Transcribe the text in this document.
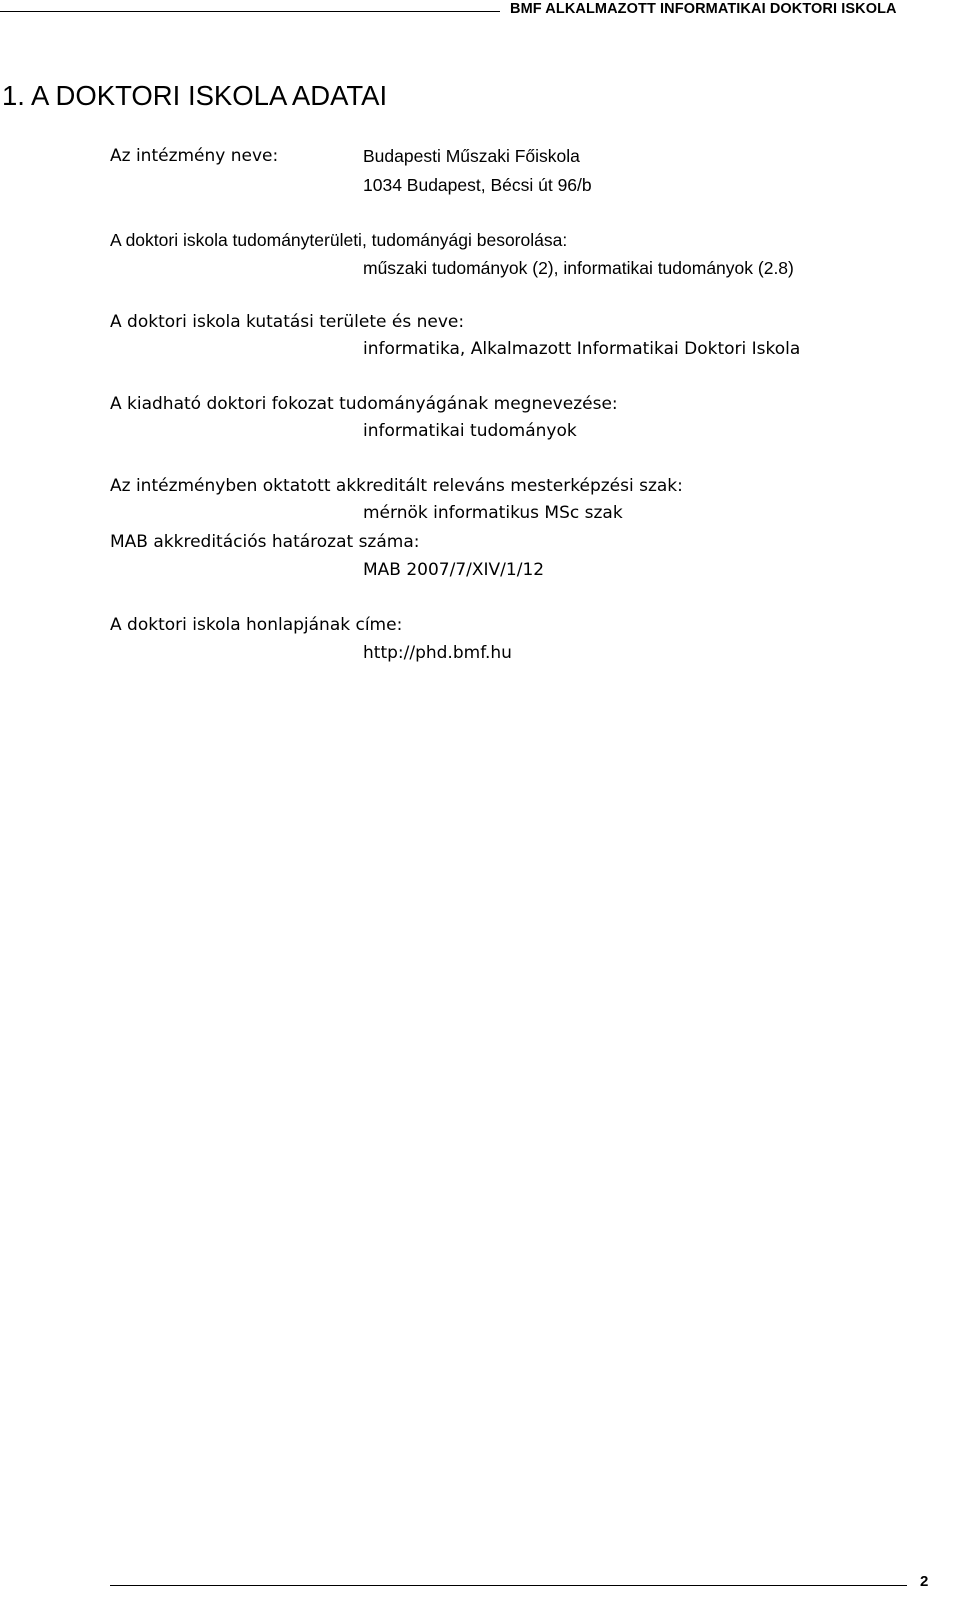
BMF ALKALMAZOTT INFORMATIKAI DOKTORI ISKOLA
1. A DOKTORI ISKOLA ADATAI
Az intézmény neve:	Budapesti Műszaki Főiskola
1034 Budapest, Bécsi út 96/b
A doktori iskola tudományterületi, tudományági besorolása:
műszaki tudományok (2), informatikai tudományok (2.8)
A doktori iskola kutatási területe és neve:
informatika, Alkalmazott Informatikai Doktori Iskola
A kiadható doktori fokozat tudományágának megnevezése:
informatikai tudományok
Az intézményben oktatott akkreditált releváns mesterképzési szak:
mérnök informatikus MSc szak
MAB akkreditációs határozat száma:
MAB 2007/7/XIV/1/12
A doktori iskola honlapjának címe:
http://phd.bmf.hu
2
